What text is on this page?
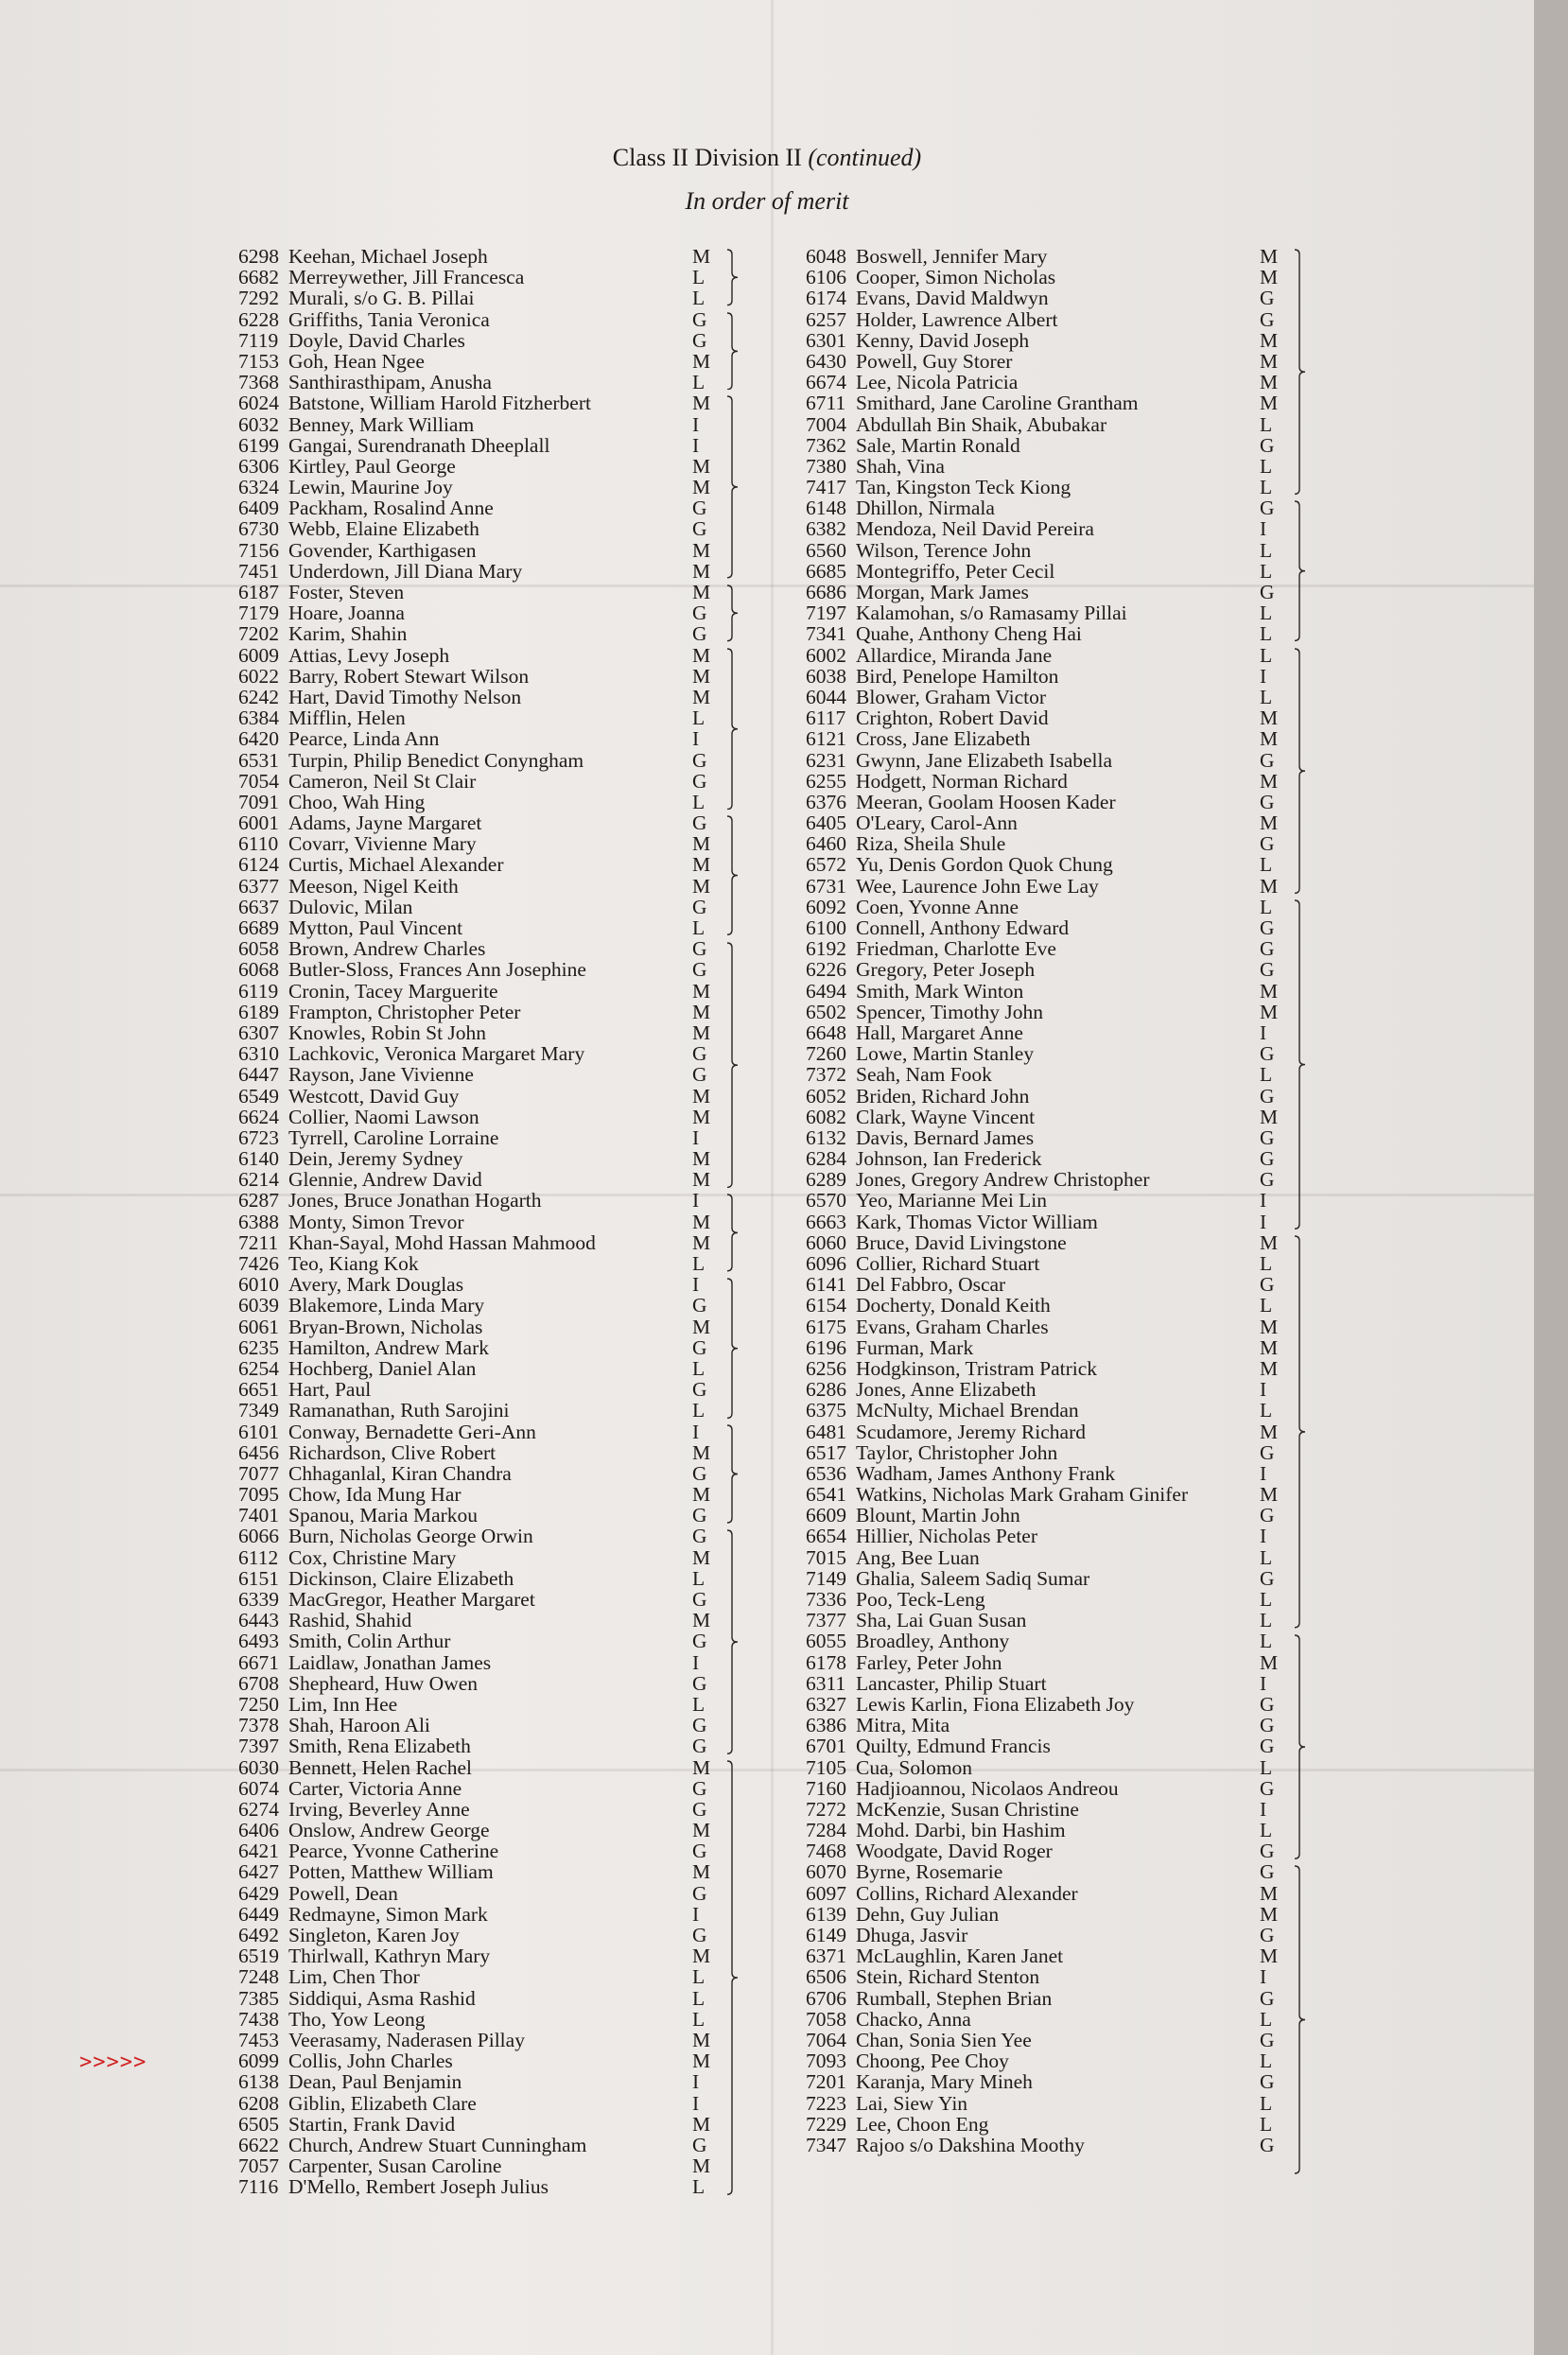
Class II Division II (continued)
In order of merit
6298 Keehan, Michael Joseph	M
6682 Merreywether, Jill Francesca	L
7292 Murali, s/o G. B. Pillai	L
6228 Griffiths, Tania Veronica	G
7119 Doyle, David Charles	G
7153 Goh, Hean Ngee	M
7368 Santhirasthipam, Anusha	L
6024 Batstone, William Harold Fitzherbert	M
6032 Benney, Mark William	I
6199 Gangai, Surendranath Dheeplall	I
6306 Kirtley, Paul George	M
6324 Lewin, Maurine Joy	M
6409 Packham, Rosalind Anne	G
6730 Webb, Elaine Elizabeth	G
7156 Govender, Karthigasen	M
7451 Underdown, Jill Diana Mary	M
6187 Foster, Steven	M
7179 Hoare, Joanna	G
7202 Karim, Shahin	G
6009 Attias, Levy Joseph	M
6022 Barry, Robert Stewart Wilson	M
6242 Hart, David Timothy Nelson	M
6384 Mifflin, Helen	L
6420 Pearce, Linda Ann	I
6531 Turpin, Philip Benedict Conyngham	G
7054 Cameron, Neil St Clair	G
7091 Choo, Wah Hing	L
6001 Adams, Jayne Margaret	G
6110 Covarr, Vivienne Mary	M
6124 Curtis, Michael Alexander	M
6377 Meeson, Nigel Keith	M
6637 Dulovic, Milan	G
6689 Mytton, Paul Vincent	L
6058 Brown, Andrew Charles	G
6068 Butler-Sloss, Frances Ann Josephine	G
6119 Cronin, Tacey Marguerite	M
6189 Frampton, Christopher Peter	M
6307 Knowles, Robin St John	M
6310 Lachkovic, Veronica Margaret Mary	G
6447 Rayson, Jane Vivienne	G
6549 Westcott, David Guy	M
6624 Collier, Naomi Lawson	M
6723 Tyrrell, Caroline Lorraine	I
6140 Dein, Jeremy Sydney	M
6214 Glennie, Andrew David	M
6287 Jones, Bruce Jonathan Hogarth	I
6388 Monty, Simon Trevor	M
7211 Khan-Sayal, Mohd Hassan Mahmood	M
7426 Teo, Kiang Kok	L
6010 Avery, Mark Douglas	I
6039 Blakemore, Linda Mary	G
6061 Bryan-Brown, Nicholas	M
6235 Hamilton, Andrew Mark	G
6254 Hochberg, Daniel Alan	L
6651 Hart, Paul	G
7349 Ramanathan, Ruth Sarojini	L
6101 Conway, Bernadette Geri-Ann	I
6456 Richardson, Clive Robert	M
7077 Chhaganlal, Kiran Chandra	G
7095 Chow, Ida Mung Har	M
7401 Spanou, Maria Markou	G
6066 Burn, Nicholas George Orwin	G
6112 Cox, Christine Mary	M
6151 Dickinson, Claire Elizabeth	L
6339 MacGregor, Heather Margaret	G
6443 Rashid, Shahid	M
6493 Smith, Colin Arthur	G
6671 Laidlaw, Jonathan James	I
6708 Shepheard, Huw Owen	G
7250 Lim, Inn Hee	L
7378 Shah, Haroon Ali	G
7397 Smith, Rena Elizabeth	G
6030 Bennett, Helen Rachel	M
6074 Carter, Victoria Anne	G
6274 Irving, Beverley Anne	G
6406 Onslow, Andrew George	M
6421 Pearce, Yvonne Catherine	G
6427 Potten, Matthew William	M
6429 Powell, Dean	G
6449 Redmayne, Simon Mark	I
6492 Singleton, Karen Joy	G
6519 Thirlwall, Kathryn Mary	M
7248 Lim, Chen Thor	L
7385 Siddiqui, Asma Rashid	L
7438 Tho, Yow Leong	L
7453 Veerasamy, Naderasen Pillay	M
6099 Collis, John Charles	M
6138 Dean, Paul Benjamin	I
6208 Giblin, Elizabeth Clare	I
6505 Startin, Frank David	M
6622 Church, Andrew Stuart Cunningham	G
7057 Carpenter, Susan Caroline	M
7116 D'Mello, Rembert Joseph Julius	L
6048 Boswell, Jennifer Mary	M
6106 Cooper, Simon Nicholas	M
6174 Evans, David Maldwyn	G
6257 Holder, Lawrence Albert	G
6301 Kenny, David Joseph	M
6430 Powell, Guy Storer	M
6674 Lee, Nicola Patricia	M
6711 Smithard, Jane Caroline Grantham	M
7004 Abdullah Bin Shaik, Abubakar	L
7362 Sale, Martin Ronald	G
7380 Shah, Vina	L
7417 Tan, Kingston Teck Kiong	L
6148 Dhillon, Nirmala	G
6382 Mendoza, Neil David Pereira	I
6560 Wilson, Terence John	L
6685 Montegriffo, Peter Cecil	L
6686 Morgan, Mark James	G
7197 Kalamohan, s/o Ramasamy Pillai	L
7341 Quahe, Anthony Cheng Hai	L
6002 Allardice, Miranda Jane	L
6038 Bird, Penelope Hamilton	I
6044 Blower, Graham Victor	L
6117 Crighton, Robert David	M
6121 Cross, Jane Elizabeth	M
6231 Gwynn, Jane Elizabeth Isabella	G
6255 Hodgett, Norman Richard	M
6376 Meeran, Goolam Hoosen Kader	G
6405 O'Leary, Carol-Ann	M
6460 Riza, Sheila Shule	G
6572 Yu, Denis Gordon Quok Chung	L
6731 Wee, Laurence John Ewe Lay	M
6092 Coen, Yvonne Anne	L
6100 Connell, Anthony Edward	G
6192 Friedman, Charlotte Eve	G
6226 Gregory, Peter Joseph	G
6494 Smith, Mark Winton	M
6502 Spencer, Timothy John	M
6648 Hall, Margaret Anne	I
7260 Lowe, Martin Stanley	G
7372 Seah, Nam Fook	L
6052 Briden, Richard John	G
6082 Clark, Wayne Vincent	M
6132 Davis, Bernard James	G
6284 Johnson, Ian Frederick	G
6289 Jones, Gregory Andrew Christopher	G
6570 Yeo, Marianne Mei Lin	I
6663 Kark, Thomas Victor William	I
6060 Bruce, David Livingstone	M
6096 Collier, Richard Stuart	L
6141 Del Fabbro, Oscar	G
6154 Docherty, Donald Keith	L
6175 Evans, Graham Charles	M
6196 Furman, Mark	M
6256 Hodgkinson, Tristram Patrick	M
6286 Jones, Anne Elizabeth	I
6375 McNulty, Michael Brendan	L
6481 Scudamore, Jeremy Richard	M
6517 Taylor, Christopher John	G
6536 Wadham, James Anthony Frank	I
6541 Watkins, Nicholas Mark Graham Ginifer	M
6609 Blount, Martin John	G
6654 Hillier, Nicholas Peter	I
7015 Ang, Bee Luan	L
7149 Ghalia, Saleem Sadiq Sumar	G
7336 Poo, Teck-Leng	L
7377 Sha, Lai Guan Susan	L
6055 Broadley, Anthony	L
6178 Farley, Peter John	M
6311 Lancaster, Philip Stuart	I
6327 Lewis Karlin, Fiona Elizabeth Joy	G
6386 Mitra, Mita	G
6701 Quilty, Edmund Francis	G
7105 Cua, Solomon	L
7160 Hadjioannou, Nicolaos Andreou	G
7272 McKenzie, Susan Christine	I
7284 Mohd. Darbi, bin Hashim	L
7468 Woodgate, David Roger	G
6070 Byrne, Rosemarie	G
6097 Collins, Richard Alexander	M
6139 Dehn, Guy Julian	M
6149 Dhuga, Jasvir	G
6371 McLaughlin, Karen Janet	M
6506 Stein, Richard Stenton	I
6706 Rumball, Stephen Brian	G
7058 Chacko, Anna	L
7064 Chan, Sonia Sien Yee	G
7093 Choong, Pee Choy	L
7201 Karanja, Mary Mineh	G
7223 Lai, Siew Yin	L
7229 Lee, Choon Eng	L
7347 Rajoo s/o Dakshina Moothy	G
>>>>>
